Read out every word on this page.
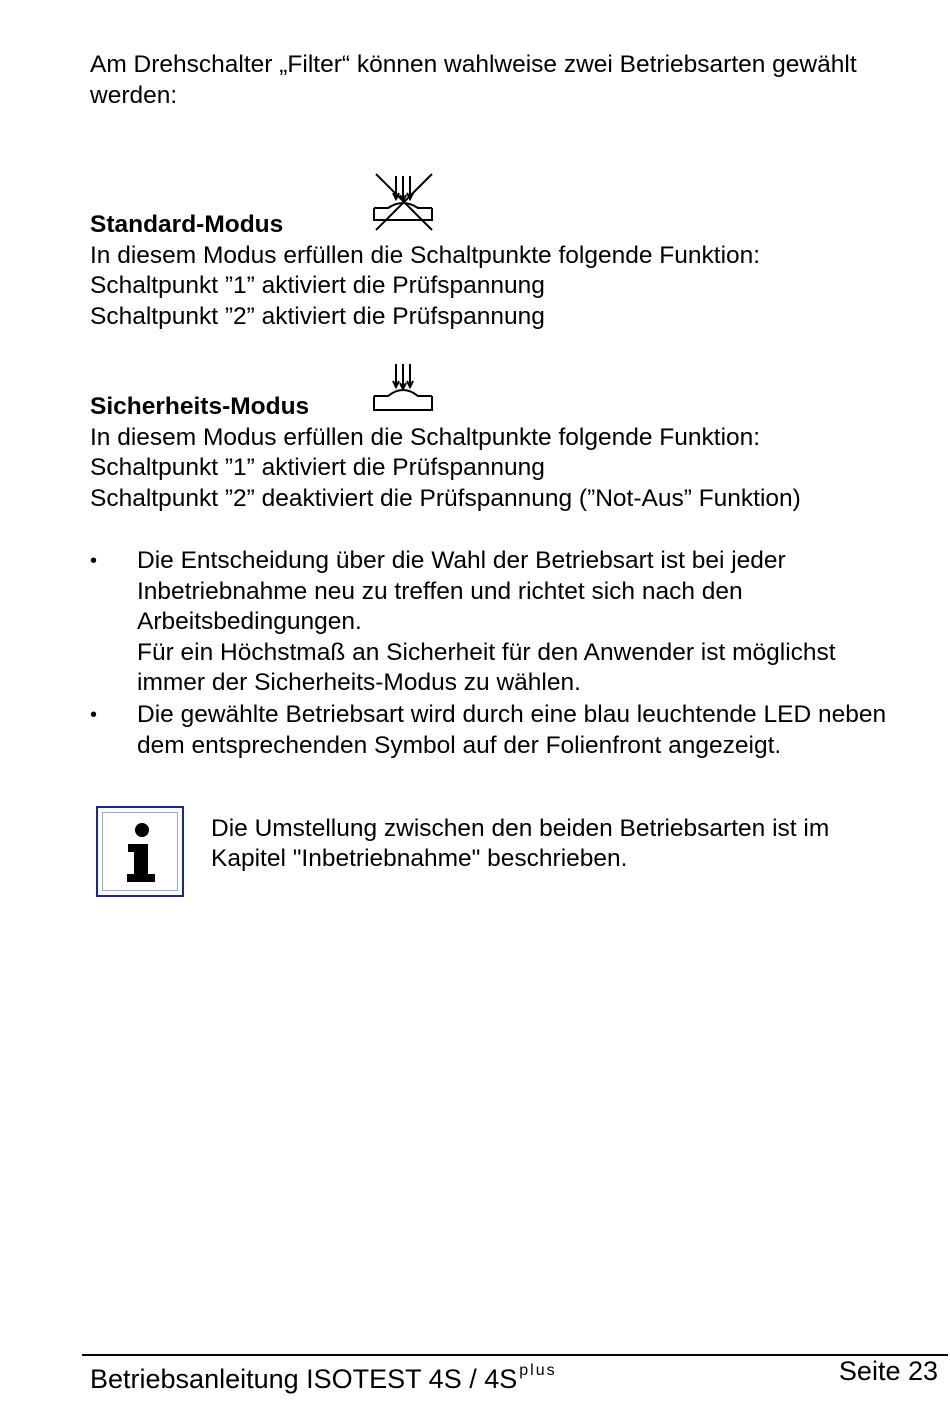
Am Drehschalter „Filter“ können wahlweise zwei Betriebsarten gewählt
werden:
Standard-Modus
In diesem Modus erfüllen die Schaltpunkte folgende Funktion:
Schaltpunkt ”1” aktiviert die Prüfspannung
Schaltpunkt ”2” aktiviert die Prüfspannung
Sicherheits-Modus
In diesem Modus erfüllen die Schaltpunkte folgende Funktion:
Schaltpunkt ”1” aktiviert die Prüfspannung
Schaltpunkt ”2” deaktiviert die Prüfspannung (”Not-Aus” Funktion)
• Die Entscheidung über die Wahl der Betriebsart ist bei jeder
Inbetriebnahme neu zu treffen und richtet sich nach den
Arbeitsbedingungen.
Für ein Höchstmaß an Sicherheit für den Anwender ist möglichst
immer der Sicherheits-Modus zu wählen.
• Die gewählte Betriebsart wird durch eine blau leuchtende LED neben
dem entsprechenden Symbol auf der Folienfront angezeigt.
Die Umstellung zwischen den beiden Betriebsarten ist im
Kapitel "Inbetriebnahme" beschrieben.
Betriebsanleitung ISOTEST 4S / 4S $^{plus}$	Seite 23
